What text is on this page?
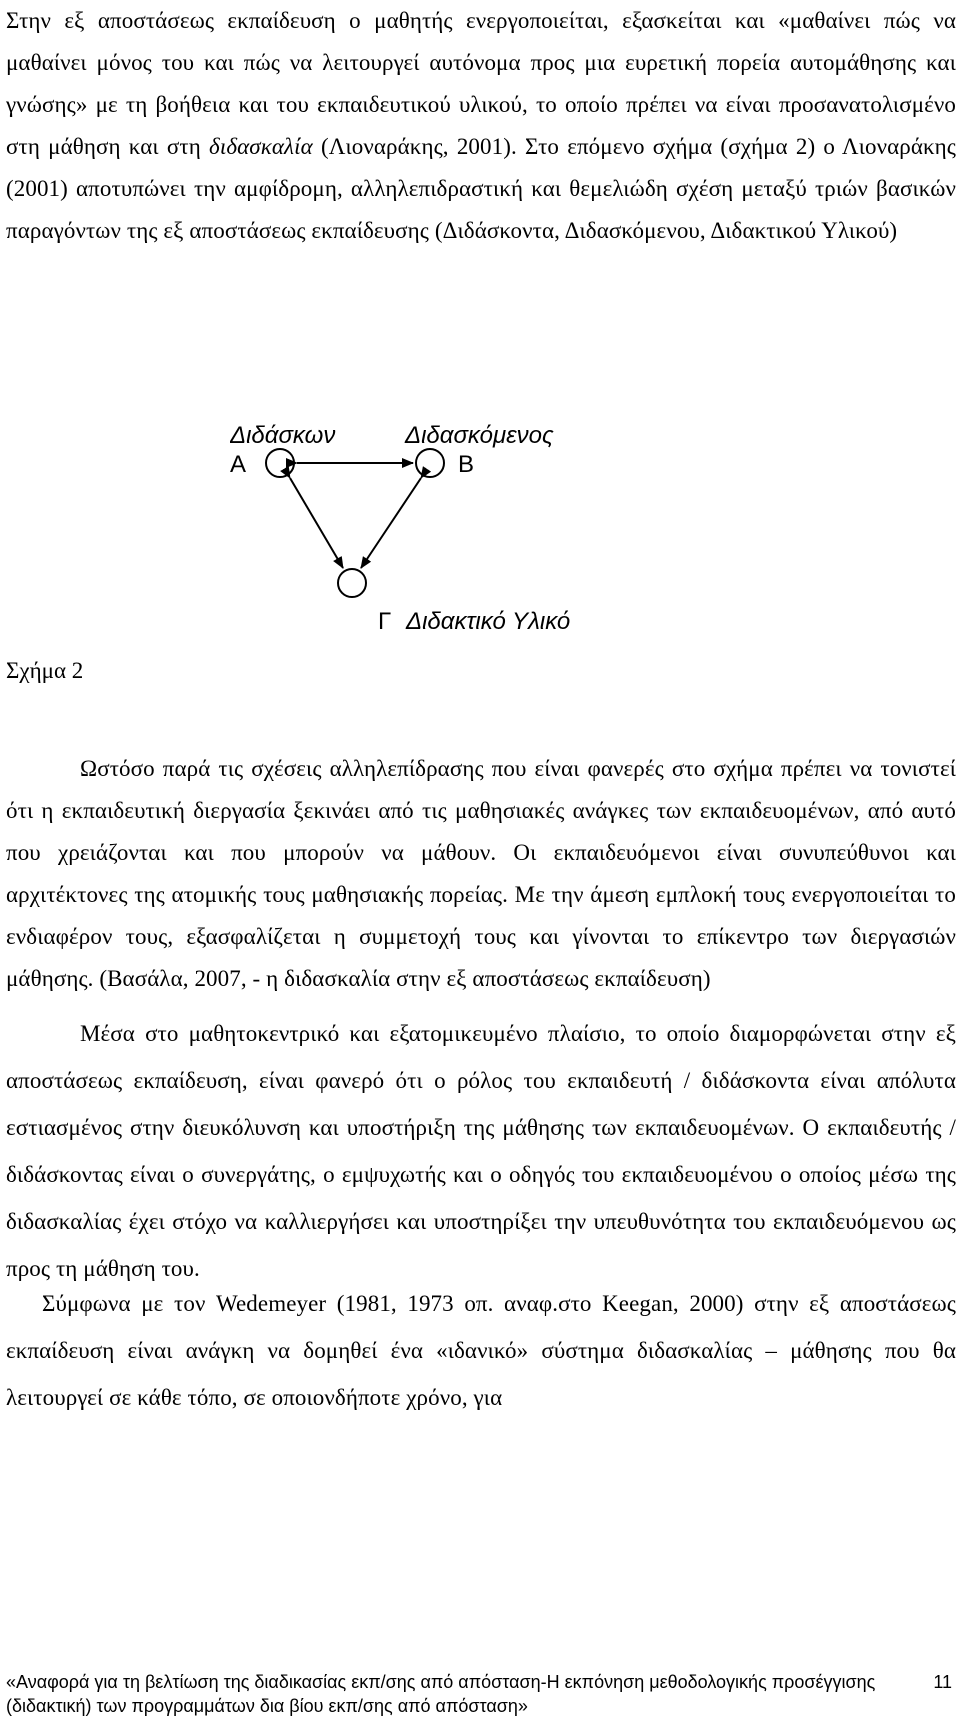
Στην εξ αποστάσεως εκπαίδευση ο μαθητής ενεργοποιείται, εξασκείται και «μαθαίνει πώς να μαθαίνει μόνος του και πώς να λειτουργεί αυτόνομα προς μια ευρετική πορεία αυτομάθησης και γνώσης» με τη βοήθεια και του εκπαιδευτικού υλικού, το οποίο πρέπει να είναι προσανατολισμένο στη μάθηση και στη διδασκαλία (Λιοναράκης, 2001). Στο επόμενο σχήμα (σχήμα 2) ο Λιοναράκης (2001) αποτυπώνει την αμφίδρομη, αλληλεπιδραστική και θεμελιώδη σχέση μεταξύ τριών βασικών παραγόντων της εξ αποστάσεως εκπαίδευσης (Διδάσκοντα, Διδασκόμενου, Διδακτικού Υλικού)

Διδάσκων	Διδασκόμενος
Α	Β
Γ Διδακτικό Υλικό

Σχήμα 2

Ωστόσο παρά τις σχέσεις αλληλεπίδρασης που είναι φανερές στο σχήμα πρέπει να τονιστεί ότι η εκπαιδευτική διεργασία ξεκινάει από τις μαθησιακές ανάγκες των εκπαιδευομένων, από αυτό που χρειάζονται και που μπορούν να μάθουν. Οι εκπαιδευόμενοι είναι συνυπεύθυνοι και αρχιτέκτονες της ατομικής τους μαθησιακής πορείας. Με την άμεση εμπλοκή τους ενεργοποιείται το ενδιαφέρον τους, εξασφαλίζεται η συμμετοχή τους και γίνονται το επίκεντρο των διεργασιών μάθησης. (Βασάλα, 2007, - η διδασκαλία στην εξ αποστάσεως εκπαίδευση)

Μέσα στο μαθητοκεντρικό και εξατομικευμένο πλαίσιο, το οποίο διαμορφώνεται στην εξ αποστάσεως εκπαίδευση, είναι φανερό ότι ο ρόλος του εκπαιδευτή / διδάσκοντα είναι απόλυτα εστιασμένος στην διευκόλυνση και υποστήριξη της μάθησης των εκπαιδευομένων. Ο εκπαιδευτής / διδάσκοντας είναι ο συνεργάτης, ο εμψυχωτής και ο οδηγός του εκπαιδευομένου ο οποίος μέσω της διδασκαλίας έχει στόχο να καλλιεργήσει και υποστηρίξει την υπευθυνότητα του εκπαιδευόμενου ως προς τη μάθηση του.

Σύμφωνα με τον Wedemeyer (1981, 1973 οπ. αναφ.στο Keegan, 2000) στην εξ αποστάσεως εκπαίδευση είναι ανάγκη να δομηθεί ένα «ιδανικό» σύστημα διδασκαλίας – μάθησης που θα λειτουργεί σε κάθε τόπο, σε οποιονδήποτε χρόνο, για

«Αναφορά για τη βελτίωση της διαδικασίας εκπ/σης από απόσταση-Η εκπόνηση μεθοδολογικής προσέγγισης (διδακτική) των προγραμμάτων δια βίου εκπ/σης από απόσταση»
11
